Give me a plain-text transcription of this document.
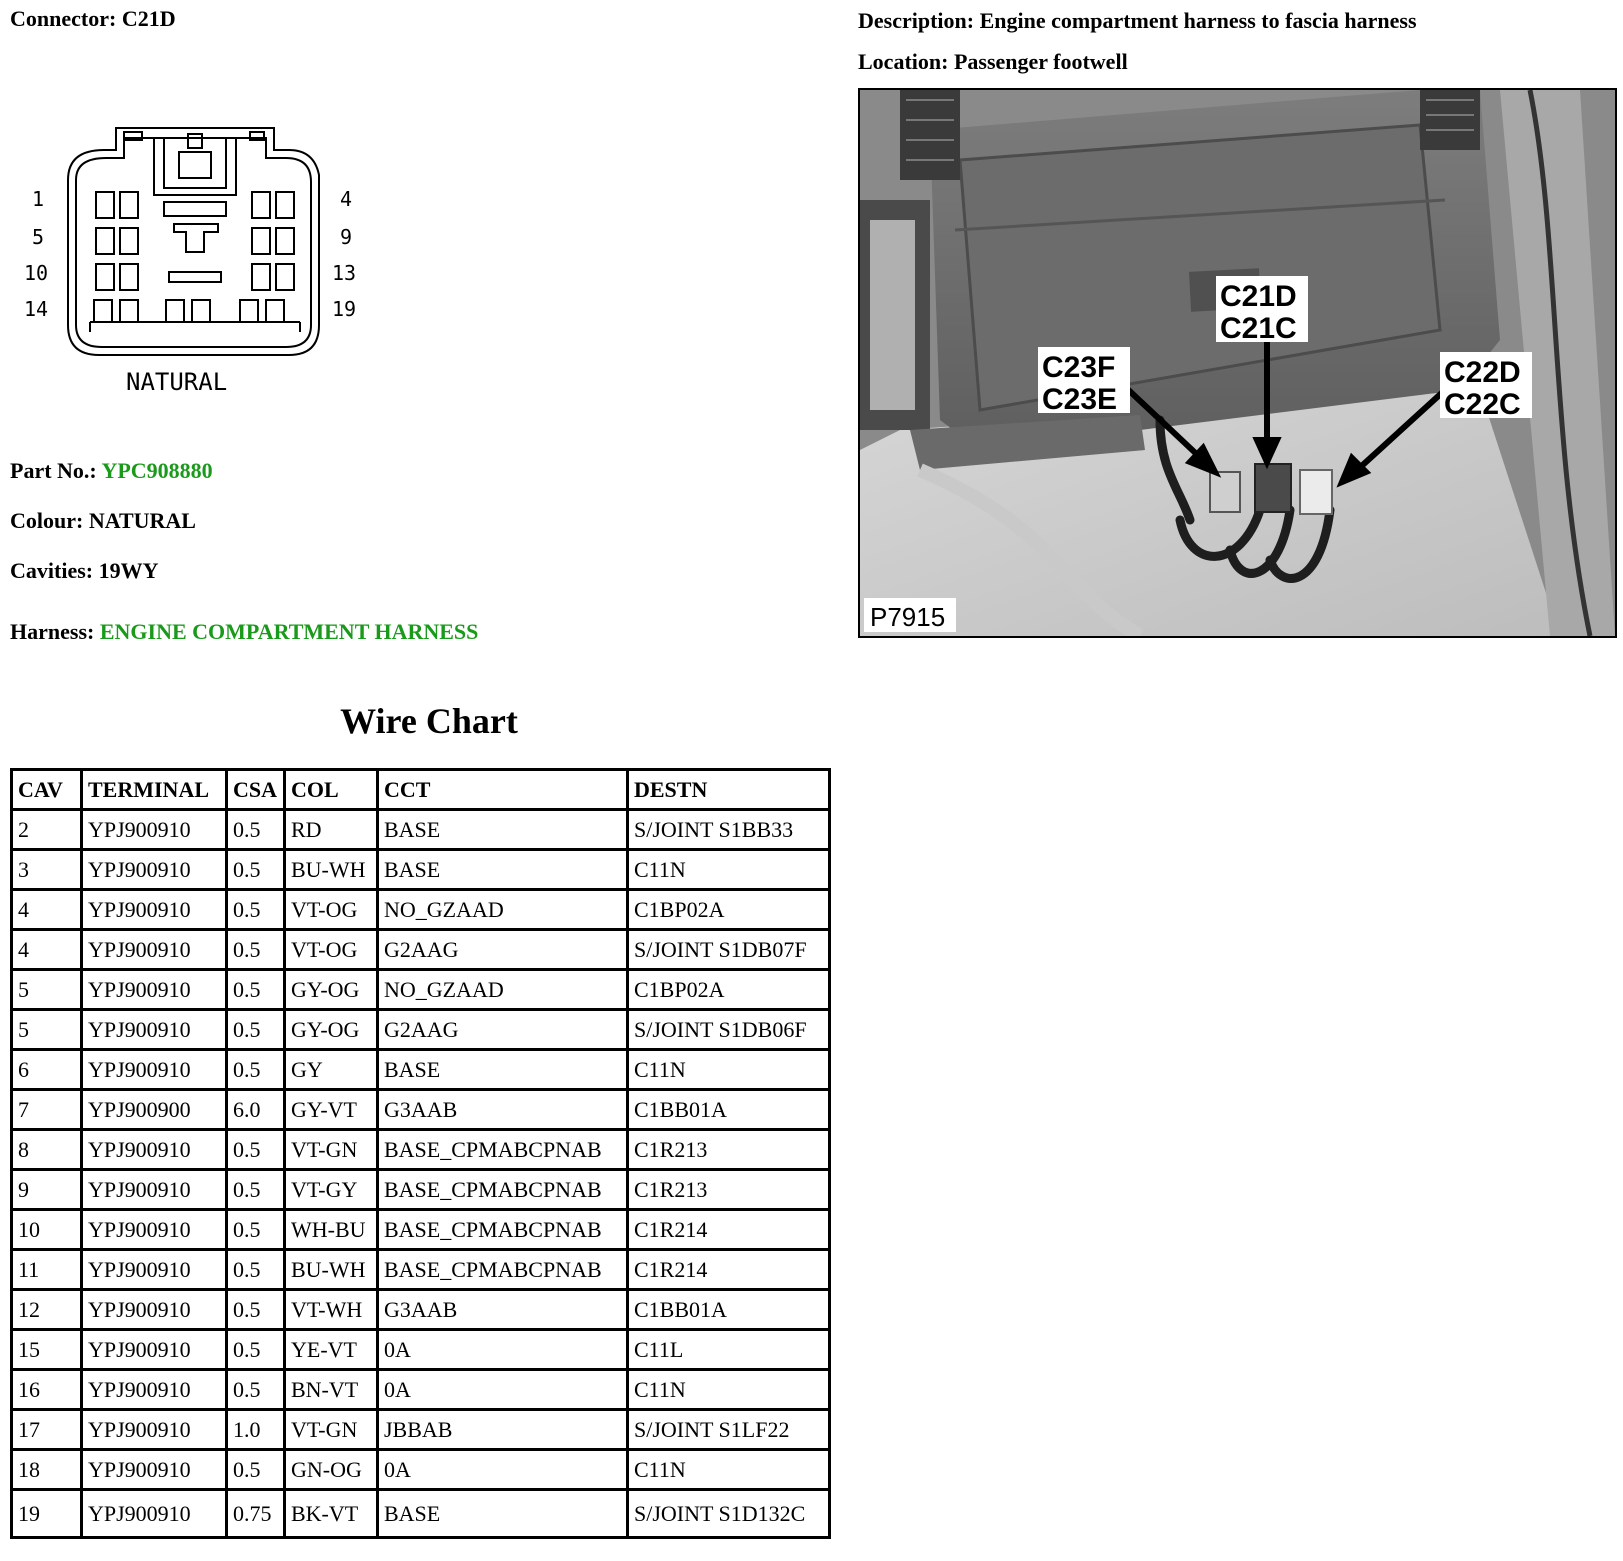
Connector: C21D	Description: Engine compartment harness to fascia harness
Location: Passenger footwell
1
5
10
14
4
9
13
19
NATURAL
Part No.: YPC908880
Colour: NATURAL
Cavities: 19WY
Harness: ENGINE COMPARTMENT HARNESS
C21D
C21C
C23F
C23E
C22D
C22C
P7915
Wire Chart
CAV	TERMINAL	CSA	COL	CCT	DESTN
2	YPJ900910	0.5	RD	BASE	S/JOINT S1BB33
3	YPJ900910	0.5	BU-WH	BASE	C11N
4	YPJ900910	0.5	VT-OG	NO_GZAAD	C1BP02A
4	YPJ900910	0.5	VT-OG	G2AAG	S/JOINT S1DB07F
5	YPJ900910	0.5	GY-OG	NO_GZAAD	C1BP02A
5	YPJ900910	0.5	GY-OG	G2AAG	S/JOINT S1DB06F
6	YPJ900910	0.5	GY	BASE	C11N
7	YPJ900900	6.0	GY-VT	G3AAB	C1BB01A
8	YPJ900910	0.5	VT-GN	BASE_CPMABCPNAB	C1R213
9	YPJ900910	0.5	VT-GY	BASE_CPMABCPNAB	C1R213
10	YPJ900910	0.5	WH-BU	BASE_CPMABCPNAB	C1R214
11	YPJ900910	0.5	BU-WH	BASE_CPMABCPNAB	C1R214
12	YPJ900910	0.5	VT-WH	G3AAB	C1BB01A
15	YPJ900910	0.5	YE-VT	0A	C11L
16	YPJ900910	0.5	BN-VT	0A	C11N
17	YPJ900910	1.0	VT-GN	JBBAB	S/JOINT S1LF22
18	YPJ900910	0.5	GN-OG	0A	C11N
19	YPJ900910	0.75	BK-VT	BASE	S/JOINT S1D132C
